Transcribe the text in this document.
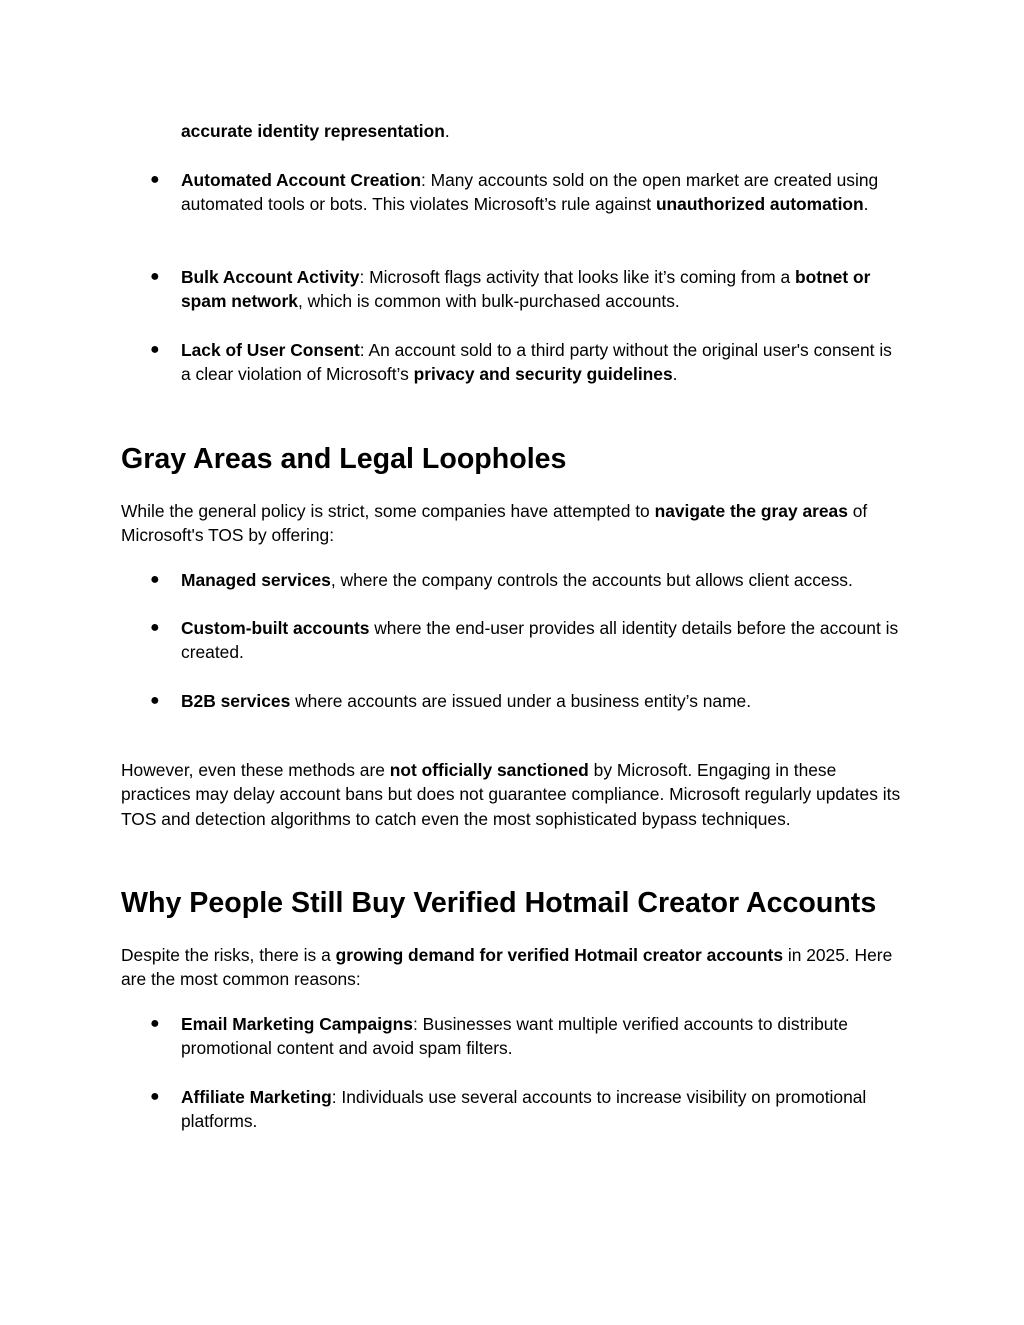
accurate identity representation.

● Automated Account Creation: Many accounts sold on the open market are created using automated tools or bots. This violates Microsoft’s rule against unauthorized automation.

● Bulk Account Activity: Microsoft flags activity that looks like it’s coming from a botnet or spam network, which is common with bulk-purchased accounts.

● Lack of User Consent: An account sold to a third party without the original user's consent is a clear violation of Microsoft’s privacy and security guidelines.

Gray Areas and Legal Loopholes

While the general policy is strict, some companies have attempted to navigate the gray areas of Microsoft's TOS by offering:

● Managed services, where the company controls the accounts but allows client access.

● Custom-built accounts where the end-user provides all identity details before the account is created.

● B2B services where accounts are issued under a business entity’s name.

However, even these methods are not officially sanctioned by Microsoft. Engaging in these practices may delay account bans but does not guarantee compliance. Microsoft regularly updates its TOS and detection algorithms to catch even the most sophisticated bypass techniques.

Why People Still Buy Verified Hotmail Creator Accounts

Despite the risks, there is a growing demand for verified Hotmail creator accounts in 2025. Here are the most common reasons:

● Email Marketing Campaigns: Businesses want multiple verified accounts to distribute promotional content and avoid spam filters.

● Affiliate Marketing: Individuals use several accounts to increase visibility on promotional platforms.
